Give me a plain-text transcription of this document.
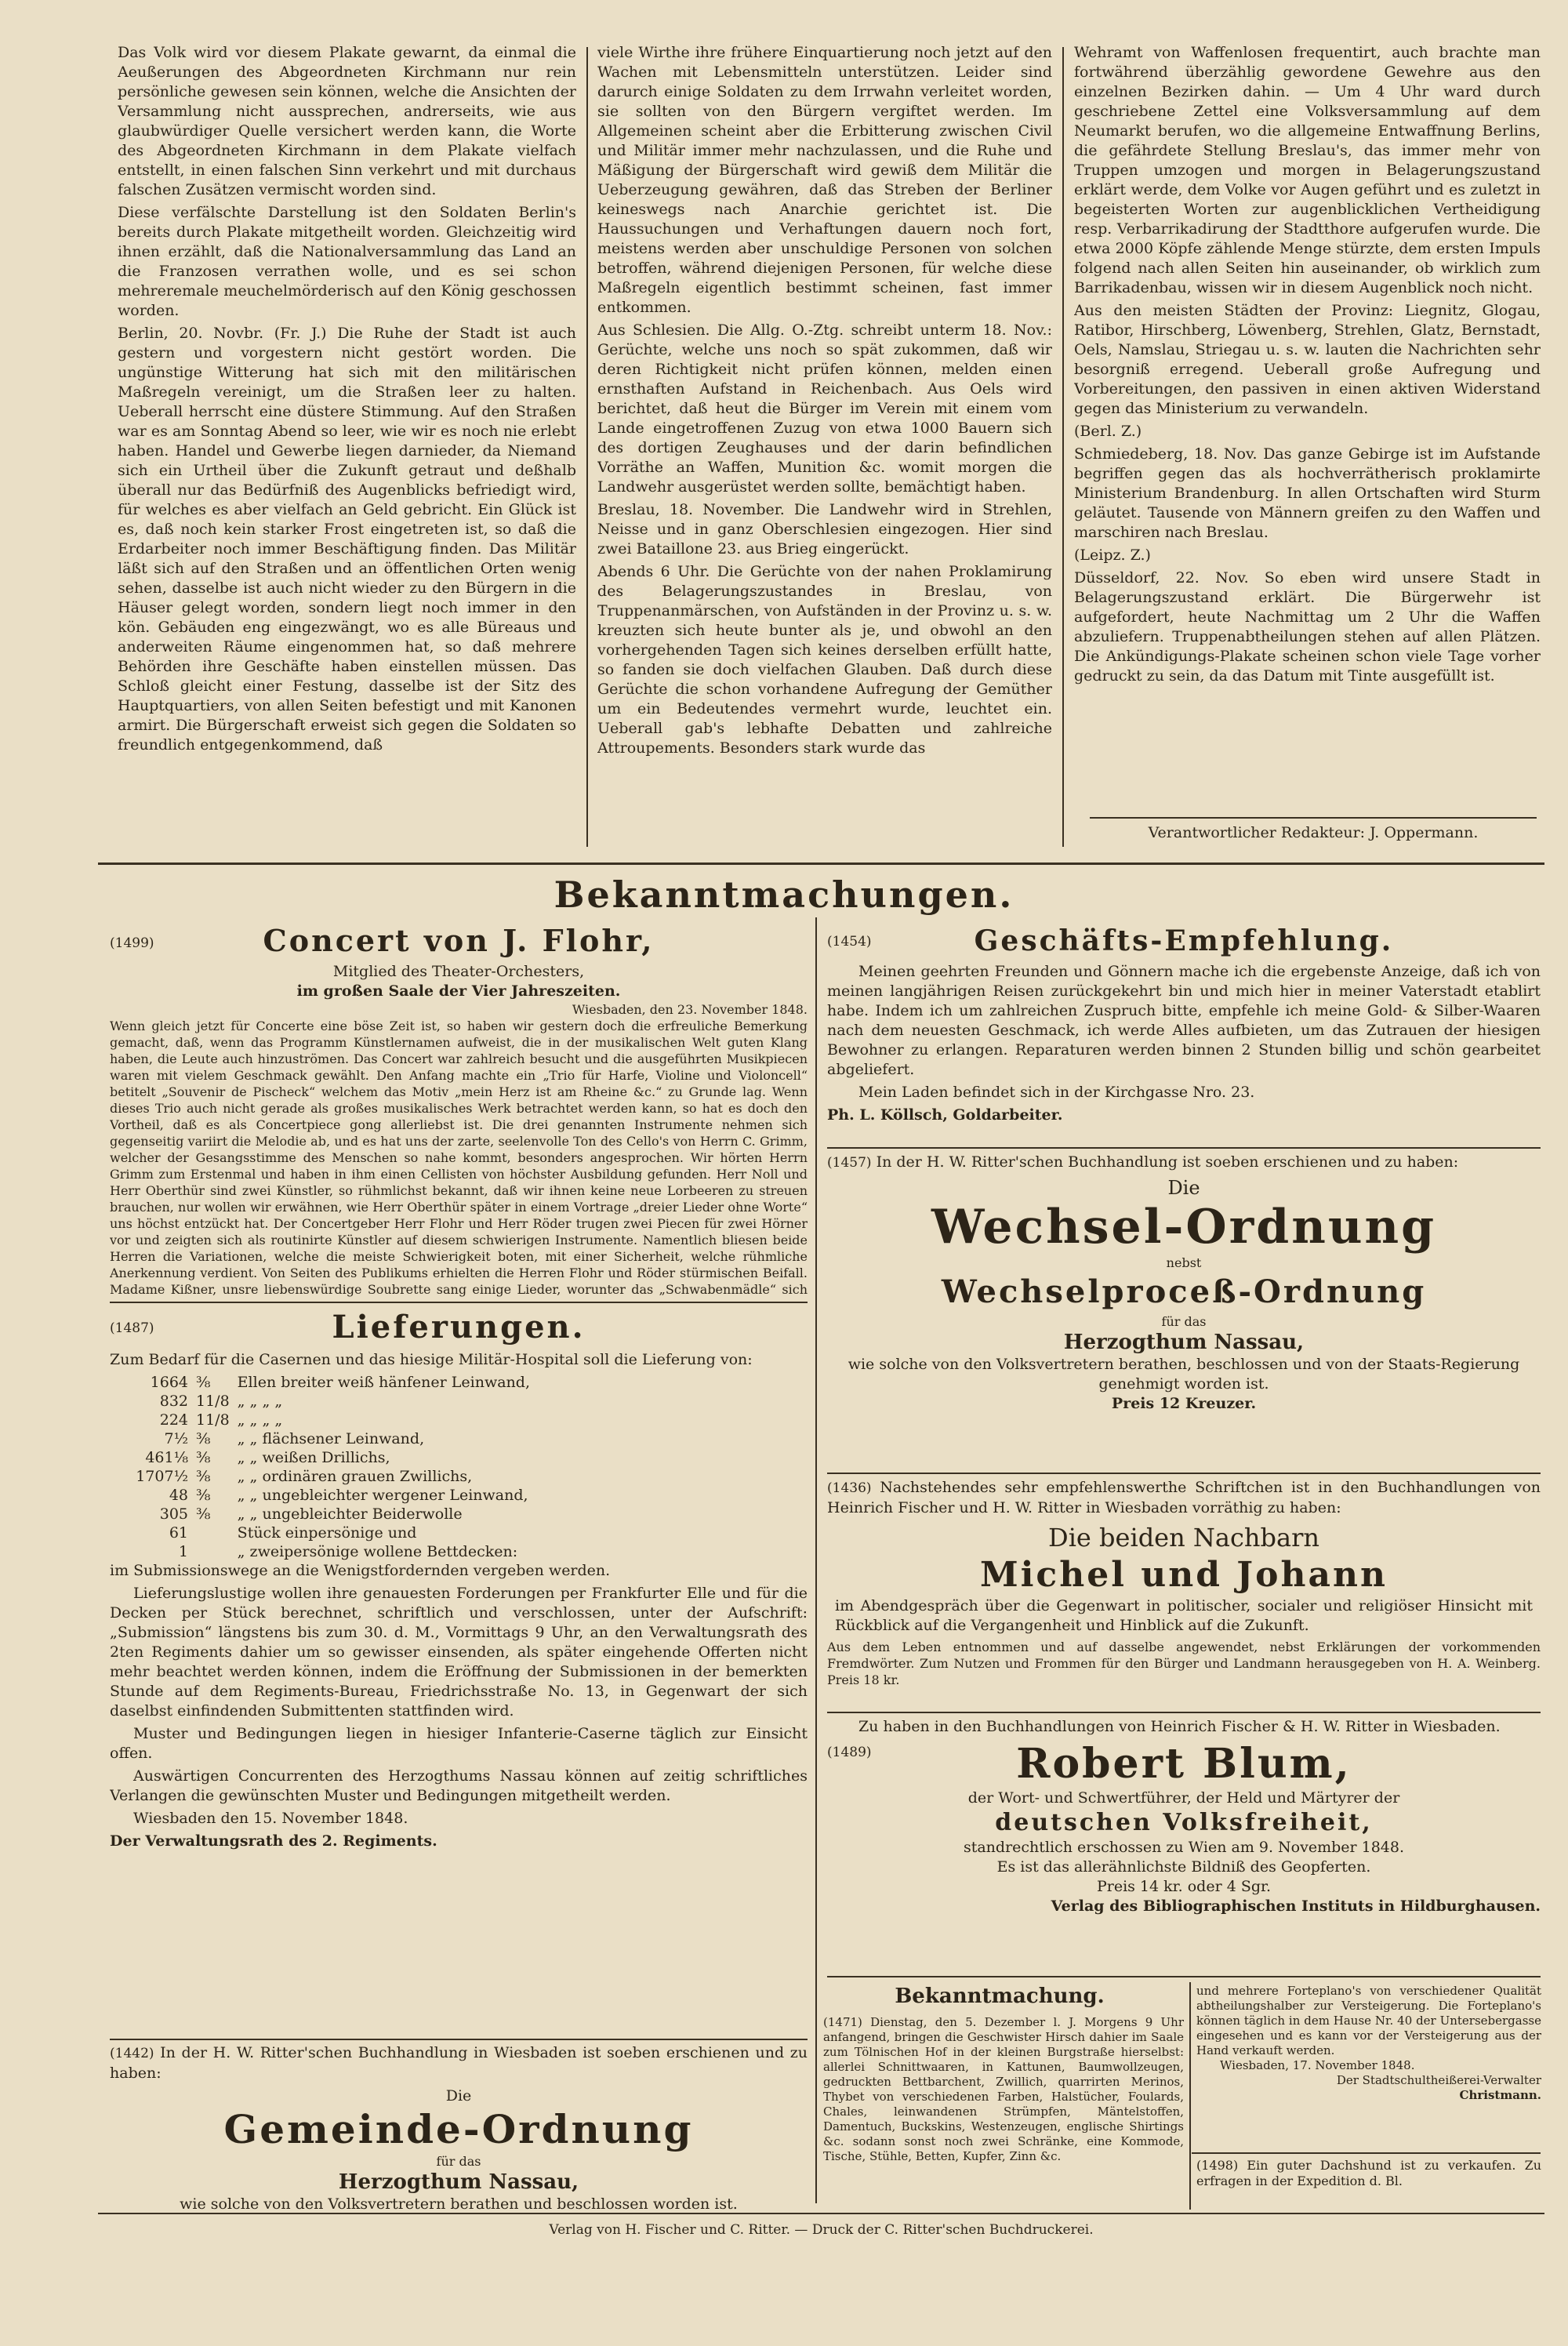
Das Volk wird vor diesem Plakate gewarnt, da einmal die Aeußerungen des Abgeordneten Kirchmann nur rein persönliche gewesen sein können, welche die Ansichten der Versammlung nicht aussprechen, andrerseits, wie aus glaubwürdiger Quelle versichert werden kann, die Worte des Abgeordneten Kirchmann in dem Plakate vielfach entstellt, in einen falschen Sinn verkehrt und mit durchaus falschen Zusätzen vermischt worden sind.

Diese verfälschte Darstellung ist den Soldaten Berlin's bereits durch Plakate mitgetheilt worden. Gleichzeitig wird ihnen erzählt, daß die Nationalversammlung das Land an die Franzosen verrathen wolle, und es sei schon mehreremale meuchelmörderisch auf den König geschossen worden.

Berlin, 20. Novbr. (Fr. J.) Die Ruhe der Stadt ist auch gestern und vorgestern nicht gestört worden. Die ungünstige Witterung hat sich mit den militärischen Maßregeln vereinigt, um die Straßen leer zu halten. Ueberall herrscht eine düstere Stimmung. Auf den Straßen war es am Sonntag Abend so leer, wie wir es noch nie erlebt haben. Handel und Gewerbe liegen darnieder, da Niemand sich ein Urtheil über die Zukunft getraut und deßhalb überall nur das Bedürfniß des Augenblicks befriedigt wird, für welches es aber vielfach an Geld gebricht. Ein Glück ist es, daß noch kein starker Frost eingetreten ist, so daß die Erdarbeiter noch immer Beschäftigung finden. Das Militär läßt sich auf den Straßen und an öffentlichen Orten wenig sehen, dasselbe ist auch nicht wieder zu den Bürgern in die Häuser gelegt worden, sondern liegt noch immer in den kön. Gebäuden eng eingezwängt, wo es alle Büreaus und anderweiten Räume eingenommen hat, so daß mehrere Behörden ihre Geschäfte haben einstellen müssen. Das Schloß gleicht einer Festung, dasselbe ist der Sitz des Hauptquartiers, von allen Seiten befestigt und mit Kanonen armirt. Die Bürgerschaft erweist sich gegen die Soldaten so freundlich entgegenkommend, daß

viele Wirthe ihre frühere Einquartierung noch jetzt auf den Wachen mit Lebensmitteln unterstützen. Leider sind darurch einige Soldaten zu dem Irrwahn verleitet worden, sie sollten von den Bürgern vergiftet werden. Im Allgemeinen scheint aber die Erbitterung zwischen Civil und Militär immer mehr nachzulassen, und die Ruhe und Mäßigung der Bürgerschaft wird gewiß dem Militär die Ueberzeugung gewähren, daß das Streben der Berliner keineswegs nach Anarchie gerichtet ist. Die Haussuchungen und Verhaftungen dauern noch fort, meistens werden aber unschuldige Personen von solchen betroffen, während diejenigen Personen, für welche diese Maßregeln eigentlich bestimmt scheinen, fast immer entkommen.

Aus Schlesien. Die Allg. O.-Ztg. schreibt unterm 18. Nov.: Gerüchte, welche uns noch so spät zukommen, daß wir deren Richtigkeit nicht prüfen können, melden einen ernsthaften Aufstand in Reichenbach. Aus Oels wird berichtet, daß heut die Bürger im Verein mit einem vom Lande eingetroffenen Zuzug von etwa 1000 Bauern sich des dortigen Zeughauses und der darin befindlichen Vorräthe an Waffen, Munition &c. womit morgen die Landwehr ausgerüstet werden sollte, bemächtigt haben.

Breslau, 18. November. Die Landwehr wird in Strehlen, Neisse und in ganz Oberschlesien eingezogen. Hier sind zwei Bataillone 23. aus Brieg eingerückt.

Abends 6 Uhr. Die Gerüchte von der nahen Proklamirung des Belagerungszustandes in Breslau, von Truppenanmärschen, von Aufständen in der Provinz u. s. w. kreuzten sich heute bunter als je, und obwohl an den vorhergehenden Tagen sich keines derselben erfüllt hatte, so fanden sie doch vielfachen Glauben. Daß durch diese Gerüchte die schon vorhandene Aufregung der Gemüther um ein Bedeutendes vermehrt wurde, leuchtet ein. Ueberall gab's lebhafte Debatten und zahlreiche Attroupements. Besonders stark wurde das

Wehramt von Waffenlosen frequentirt, auch brachte man fortwährend überzählig gewordene Gewehre aus den einzelnen Bezirken dahin. — Um 4 Uhr ward durch geschriebene Zettel eine Volksversammlung auf dem Neumarkt berufen, wo die allgemeine Entwaffnung Berlins, die gefährdete Stellung Breslau's, das immer mehr von Truppen umzogen und morgen in Belagerungszustand erklärt werde, dem Volke vor Augen geführt und es zuletzt in begeisterten Worten zur augenblicklichen Vertheidigung resp. Verbarrikadirung der Stadtthore aufgerufen wurde. Die etwa 2000 Köpfe zählende Menge stürzte, dem ersten Impuls folgend nach allen Seiten hin auseinander, ob wirklich zum Barrikadenbau, wissen wir in diesem Augenblick noch nicht.

Aus den meisten Städten der Provinz: Liegnitz, Glogau, Ratibor, Hirschberg, Löwenberg, Strehlen, Glatz, Bernstadt, Oels, Namslau, Striegau u. s. w. lauten die Nachrichten sehr besorgniß erregend. Ueberall große Aufregung und Vorbereitungen, den passiven in einen aktiven Widerstand gegen das Ministerium zu verwandeln.

(Berl. Z.)

Schmiedeberg, 18. Nov. Das ganze Gebirge ist im Aufstande begriffen gegen das als hochverrätherisch proklamirte Ministerium Brandenburg. In allen Ortschaften wird Sturm geläutet. Tausende von Männern greifen zu den Waffen und marschiren nach Breslau.

(Leipz. Z.)

Düsseldorf, 22. Nov. So eben wird unsere Stadt in Belagerungszustand erklärt. Die Bürgerwehr ist aufgefordert, heute Nachmittag um 2 Uhr die Waffen abzuliefern. Truppenabtheilungen stehen auf allen Plätzen. Die Ankündigungs-Plakate scheinen schon viele Tage vorher gedruckt zu sein, da das Datum mit Tinte ausgefüllt ist.

Verantwortlicher Redakteur: J. Oppermann.
Bekanntmachungen.
(1499)	Concert von J. Flohr,
Mitglied des Theater-Orchesters,
im großen Saale der Vier Jahreszeiten.
Wiesbaden, den 23. November 1848.

Wenn gleich jetzt für Concerte eine böse Zeit ist, so haben wir gestern doch die erfreuliche Bemerkung gemacht, daß, wenn das Programm Künstlernamen aufweist, die in der musikalischen Welt guten Klang haben, die Leute auch hinzuströmen. Das Concert war zahlreich besucht und die ausgeführten Musikpiecen waren mit vielem Geschmack gewählt. Den Anfang machte ein „Trio für Harfe, Violine und Violoncell“ betitelt „Souvenir de Pischeck“ welchem das Motiv „mein Herz ist am Rheine &c.“ zu Grunde lag. Wenn dieses Trio auch nicht gerade als großes musikalisches Werk betrachtet werden kann, so hat es doch den Vortheil, daß es als Concertpiece gong allerliebst ist. Die drei genannten Instrumente nehmen sich gegenseitig variirt die Melodie ab, und es hat uns der zarte, seelenvolle Ton des Cello's von Herrn C. Grimm, welcher der Gesangsstimme des Menschen so nahe kommt, besonders angesprochen. Wir hörten Herrn Grimm zum Erstenmal und haben in ihm einen Cellisten von höchster Ausbildung gefunden. Herr Noll und Herr Oberthür sind zwei Künstler, so rühmlichst bekannt, daß wir ihnen keine neue Lorbeeren zu streuen brauchen, nur wollen wir erwähnen, wie Herr Oberthür später in einem Vortrage „dreier Lieder ohne Worte“ uns höchst entzückt hat. Der Concertgeber Herr Flohr und Herr Röder trugen zwei Piecen für zwei Hörner vor und zeigten sich als routinirte Künstler auf diesem schwierigen Instrumente. Namentlich bliesen beide Herren die Variationen, welche die meiste Schwierigkeit boten, mit einer Sicherheit, welche rühmliche Anerkennung verdient. Von Seiten des Publikums erhielten die Herren Flohr und Röder stürmischen Beifall. Madame Kißner, unsre liebenswürdige Soubrette sang einige Lieder, worunter das „Schwabenmädle“ sich

(1487)	Lieferungen.

Zum Bedarf für die Casernen und das hiesige Militär-Hospital soll die Lieferung von:

1664	⅜	Ellen breiter weiß hänfener Leinwand,
832	11/8	„ „ „ „
224	11/8	„ „ „ „
7½	⅜	„ „ flächsener Leinwand,
461⅛	⅜	„ „ weißen Drillichs,
1707½	⅜	„ „ ordinären grauen Zwillichs,
48	⅜	„ „ ungebleichter wergener Leinwand,
305	⅜	„ „ ungebleichter Beiderwolle
61		Stück einpersönige und
1		„ zweipersönige wollene Bettdecken:

im Submissionswege an die Wenigstfordernden vergeben werden.

Lieferungslustige wollen ihre genauesten Forderungen per Frankfurter Elle und für die Decken per Stück berechnet, schriftlich und verschlossen, unter der Aufschrift: „Submission“ längstens bis zum 30. d. M., Vormittags 9 Uhr, an den Verwaltungsrath des 2ten Regiments dahier um so gewisser einsenden, als später eingehende Offerten nicht mehr beachtet werden können, indem die Eröffnung der Submissionen in der bemerkten Stunde auf dem Regiments-Bureau, Friedrichsstraße No. 13, in Gegenwart der sich daselbst einfindenden Submittenten stattfinden wird.

Muster und Bedingungen liegen in hiesiger Infanterie-Caserne täglich zur Einsicht offen.

Auswärtigen Concurrenten des Herzogthums Nassau können auf zeitig schriftliches Verlangen die gewünschten Muster und Bedingungen mitgetheilt werden.

Wiesbaden den 15. November 1848.

Der Verwaltungsrath des 2. Regiments.

(1442) In der H. W. Ritter'schen Buchhandlung in Wiesbaden ist soeben erschienen und zu haben:

Die
Gemeinde-Ordnung
für das
Herzogthum Nassau,
wie solche von den Volksvertretern berathen und beschlossen worden ist.
(1454)	Geschäfts-Empfehlung.

Meinen geehrten Freunden und Gönnern mache ich die ergebenste Anzeige, daß ich von meinen langjährigen Reisen zurückgekehrt bin und mich hier in meiner Vaterstadt etablirt habe. Indem ich um zahlreichen Zuspruch bitte, empfehle ich meine Gold- & Silber-Waaren nach dem neuesten Geschmack, ich werde Alles aufbieten, um das Zutrauen der hiesigen Bewohner zu erlangen. Reparaturen werden binnen 2 Stunden billig und schön gearbeitet abgeliefert.

Mein Laden befindet sich in der Kirchgasse Nro. 23.

Ph. L. Köllsch, Goldarbeiter.

(1457) In der H. W. Ritter'schen Buchhandlung ist soeben erschienen und zu haben:

Die
Wechsel-Ordnung
nebst
Wechselproceß-Ordnung
für das
Herzogthum Nassau,
wie solche von den Volksvertretern berathen, beschlossen und von der Staats-Regierung genehmigt worden ist.
Preis 12 Kreuzer.

(1436) Nachstehendes sehr empfehlenswerthe Schriftchen ist in den Buchhandlungen von Heinrich Fischer und H. W. Ritter in Wiesbaden vorräthig zu haben:

Die beiden Nachbarn
Michel und Johann

im Abendgespräch über die Gegenwart in politischer, socialer und religiöser Hinsicht mit Rückblick auf die Vergangenheit und Hinblick auf die Zukunft.

Aus dem Leben entnommen und auf dasselbe angewendet, nebst Erklärungen der vorkommenden Fremdwörter. Zum Nutzen und Frommen für den Bürger und Landmann herausgegeben von H. A. Weinberg. Preis 18 kr.

Zu haben in den Buchhandlungen von Heinrich Fischer & H. W. Ritter in Wiesbaden.

(1489)	Robert Blum,
der Wort- und Schwertführer, der Held und Märtyrer der
deutschen Volksfreiheit,
standrechtlich erschossen zu Wien am 9. November 1848.
Es ist das allerähnlichste Bildniß des Geopferten.
Preis 14 kr. oder 4 Sgr.
Verlag des Bibliographischen Instituts in Hildburghausen.
Bekanntmachung.
(1471) Dienstag, den 5. Dezember l. J. Morgens 9 Uhr anfangend, bringen die Geschwister Hirsch dahier im Saale zum Tölnischen Hof in der kleinen Burgstraße hierselbst: allerlei Schnittwaaren, in Kattunen, Baumwollzeugen, gedruckten Bettbarchent, Zwillich, quarrirten Merinos, Thybet von verschiedenen Farben, Halstücher, Foulards, Chales, leinwandenen Strümpfen, Mäntelstoffen, Damentuch, Buckskins, Westenzeugen, englische Shirtings &c. sodann sonst noch zwei Schränke, eine Kommode, Tische, Stühle, Betten, Kupfer, Zinn &c.
und mehrere Forteplano's von verschiedener Qualität abtheilungshalber zur Versteigerung. Die Forteplano's können täglich in dem Hause Nr. 40 der Untersebergasse eingesehen und es kann vor der Versteigerung aus der Hand verkauft werden.
Wiesbaden, 17. November 1848.
Der Stadtschultheißerei-Verwalter
Christmann.
(1498) Ein guter Dachshund ist zu verkaufen. Zu erfragen in der Expedition d. Bl.
Verlag von H. Fischer und C. Ritter. — Druck der C. Ritter'schen Buchdruckerei.
